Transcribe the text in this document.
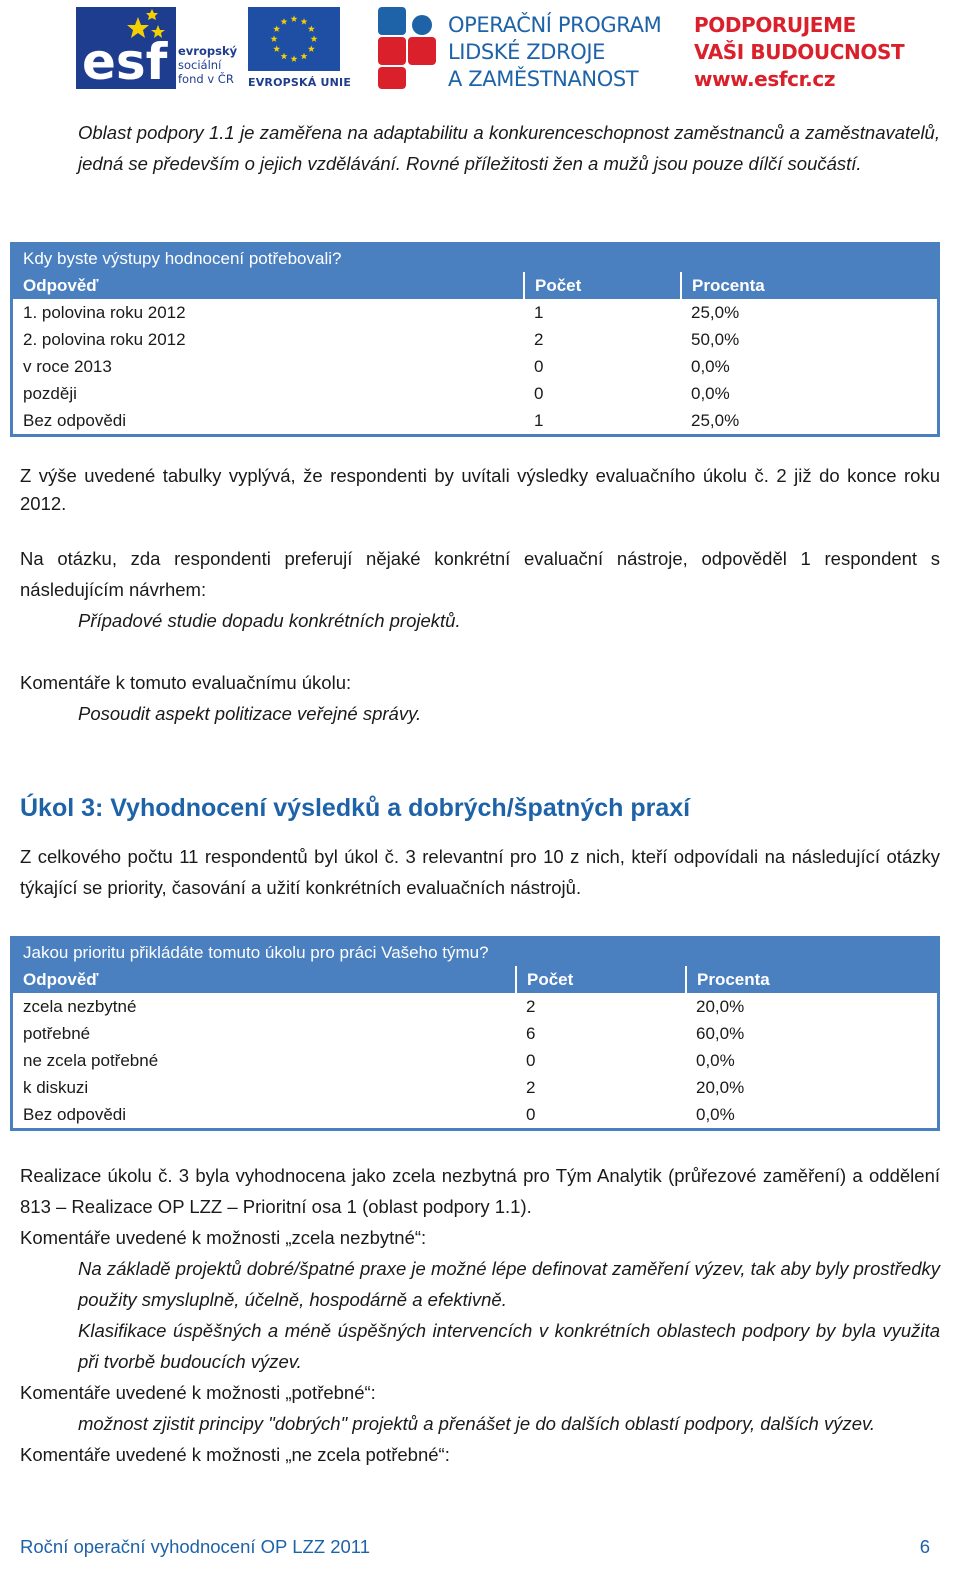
esf evropský
sociální
fond v ČR EVROPSKÁ UNIE
OPERAČNÍ PROGRAM
LIDSKÉ ZDROJE
A ZAMĚSTNANOST
PODPORUJEME
VAŠI BUDOUCNOST
www.esfcr.cz

Oblast podpory 1.1 je zaměřena na adaptabilitu a konkurenceschopnost zaměstnanců a zaměstnavatelů, jedná se především o jejich vzdělávání. Rovné příležitosti žen a mužů jsou pouze dílčí součástí.

Kdy byste výstupy hodnocení potřebovali?		
Odpověď	Počet	Procenta
1. polovina roku 2012	1	25,0%
2. polovina roku 2012	2	50,0%
v roce 2013	0	0,0%
později	0	0,0%
Bez odpovědi	1	25,0%

Z výše uvedené tabulky vyplývá, že respondenti by uvítali výsledky evaluačního úkolu č. 2 již do konce roku 2012.

Na otázku, zda respondenti preferují nějaké konkrétní evaluační nástroje, odpověděl 1 respondent s následujícím návrhem:

Případové studie dopadu konkrétních projektů.

Komentáře k tomuto evaluačnímu úkolu:

Posoudit aspekt politizace veřejné správy.

Úkol 3: Vyhodnocení výsledků a dobrých/špatných praxí

Z celkového počtu 11 respondentů byl úkol č. 3 relevantní pro 10 z nich, kteří odpovídali na následující otázky týkající se priority, časování a užití konkrétních evaluačních nástrojů.

Jakou prioritu přikládáte tomuto úkolu pro práci Vašeho týmu?		
Odpověď	Počet	Procenta
zcela nezbytné	2	20,0%
potřebné	6	60,0%
ne zcela potřebné	0	0,0%
k diskuzi	2	20,0%
Bez odpovědi	0	0,0%

Realizace úkolu č. 3 byla vyhodnocena jako zcela nezbytná pro Tým Analytik (průřezové zaměření) a oddělení 813 – Realizace OP LZZ – Prioritní osa 1 (oblast podpory 1.1).

Komentáře uvedené k možnosti „zcela nezbytné“:

Na základě projektů dobré/špatné praxe je možné lépe definovat zaměření výzev, tak aby byly prostředky použity smysluplně, účelně, hospodárně a efektivně.

Klasifikace úspěšných a méně úspěšných intervencích v konkrétních oblastech podpory by byla využita při tvorbě budoucích výzev.

Komentáře uvedené k možnosti „potřebné“:

možnost zjistit principy "dobrých" projektů a přenášet je do dalších oblastí podpory, dalších výzev.

Komentáře uvedené k možnosti „ne zcela potřebné“:

Roční operační vyhodnocení OP LZZ 2011	6
